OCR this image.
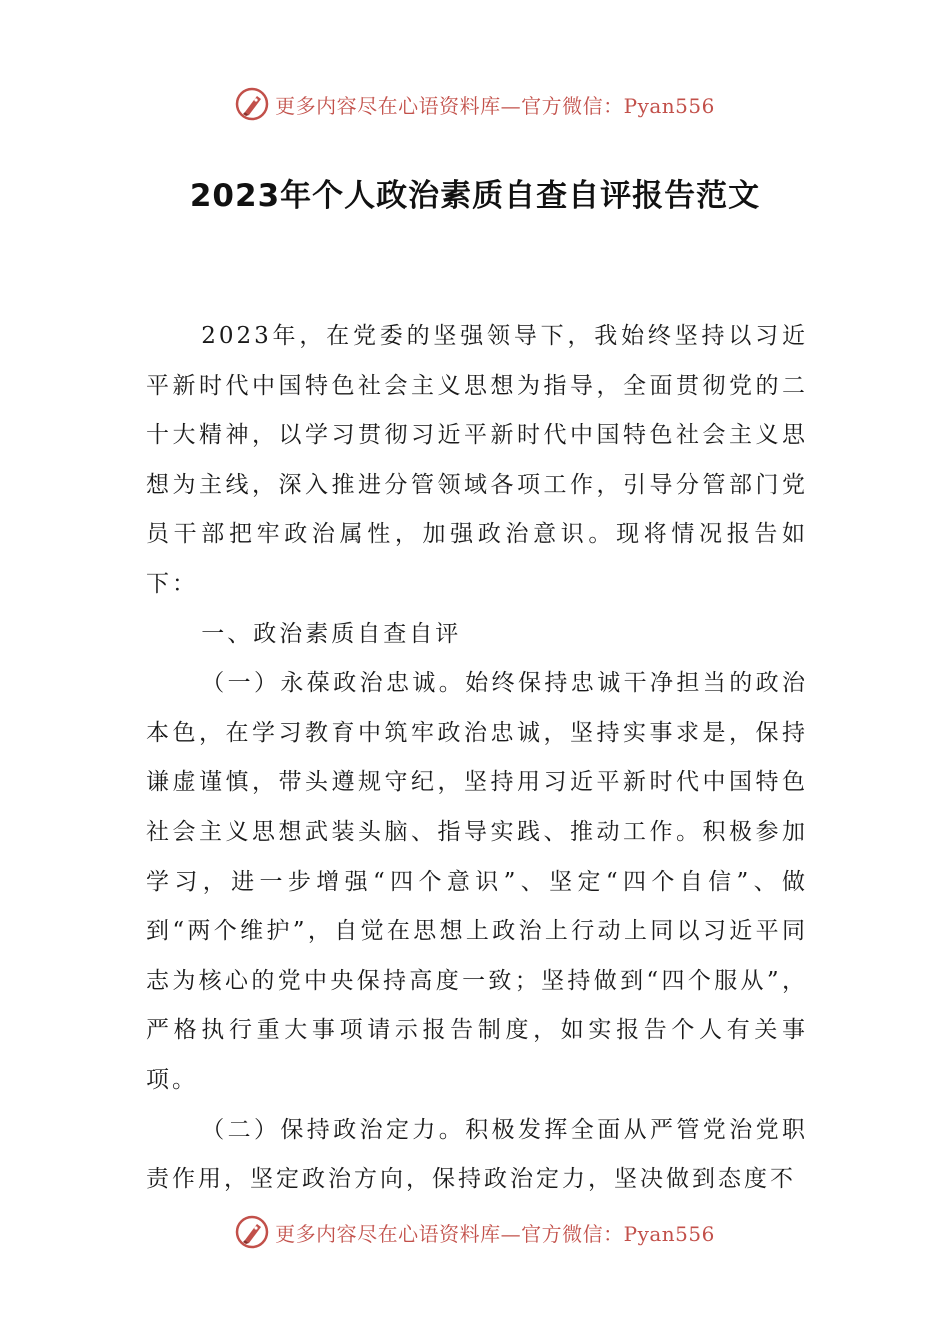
更多内容尽在心语资料库—官方微信：Pyan556
2023年个人政治素质自查自评报告范文

2023年，在党委的坚强领导下，我始终坚持以习近平新时代中国特色社会主义思想为指导，全面贯彻党的二十大精神，以学习贯彻习近平新时代中国特色社会主义思想为主线，深入推进分管领域各项工作，引导分管部门党员干部把牢政治属性，加强政治意识。现将情况报告如下：

一、政治素质自查自评

（一）永葆政治忠诚。始终保持忠诚干净担当的政治本色，在学习教育中筑牢政治忠诚，坚持实事求是，保持谦虚谨慎，带头遵规守纪，坚持用习近平新时代中国特色社会主义思想武装头脑、指导实践、推动工作。积极参加学习，进一步增强“四个意识”、坚定“四个自信”、做到“两个维护”，自觉在思想上政治上行动上同以习近平同志为核心的党中央保持高度一致；坚持做到“四个服从”，严格执行重大事项请示报告制度，如实报告个人有关事项。

（二）保持政治定力。积极发挥全面从严管党治党职责作用，坚定政治方向，保持政治定力，坚决做到态度不

更多内容尽在心语资料库—官方微信：Pyan556
